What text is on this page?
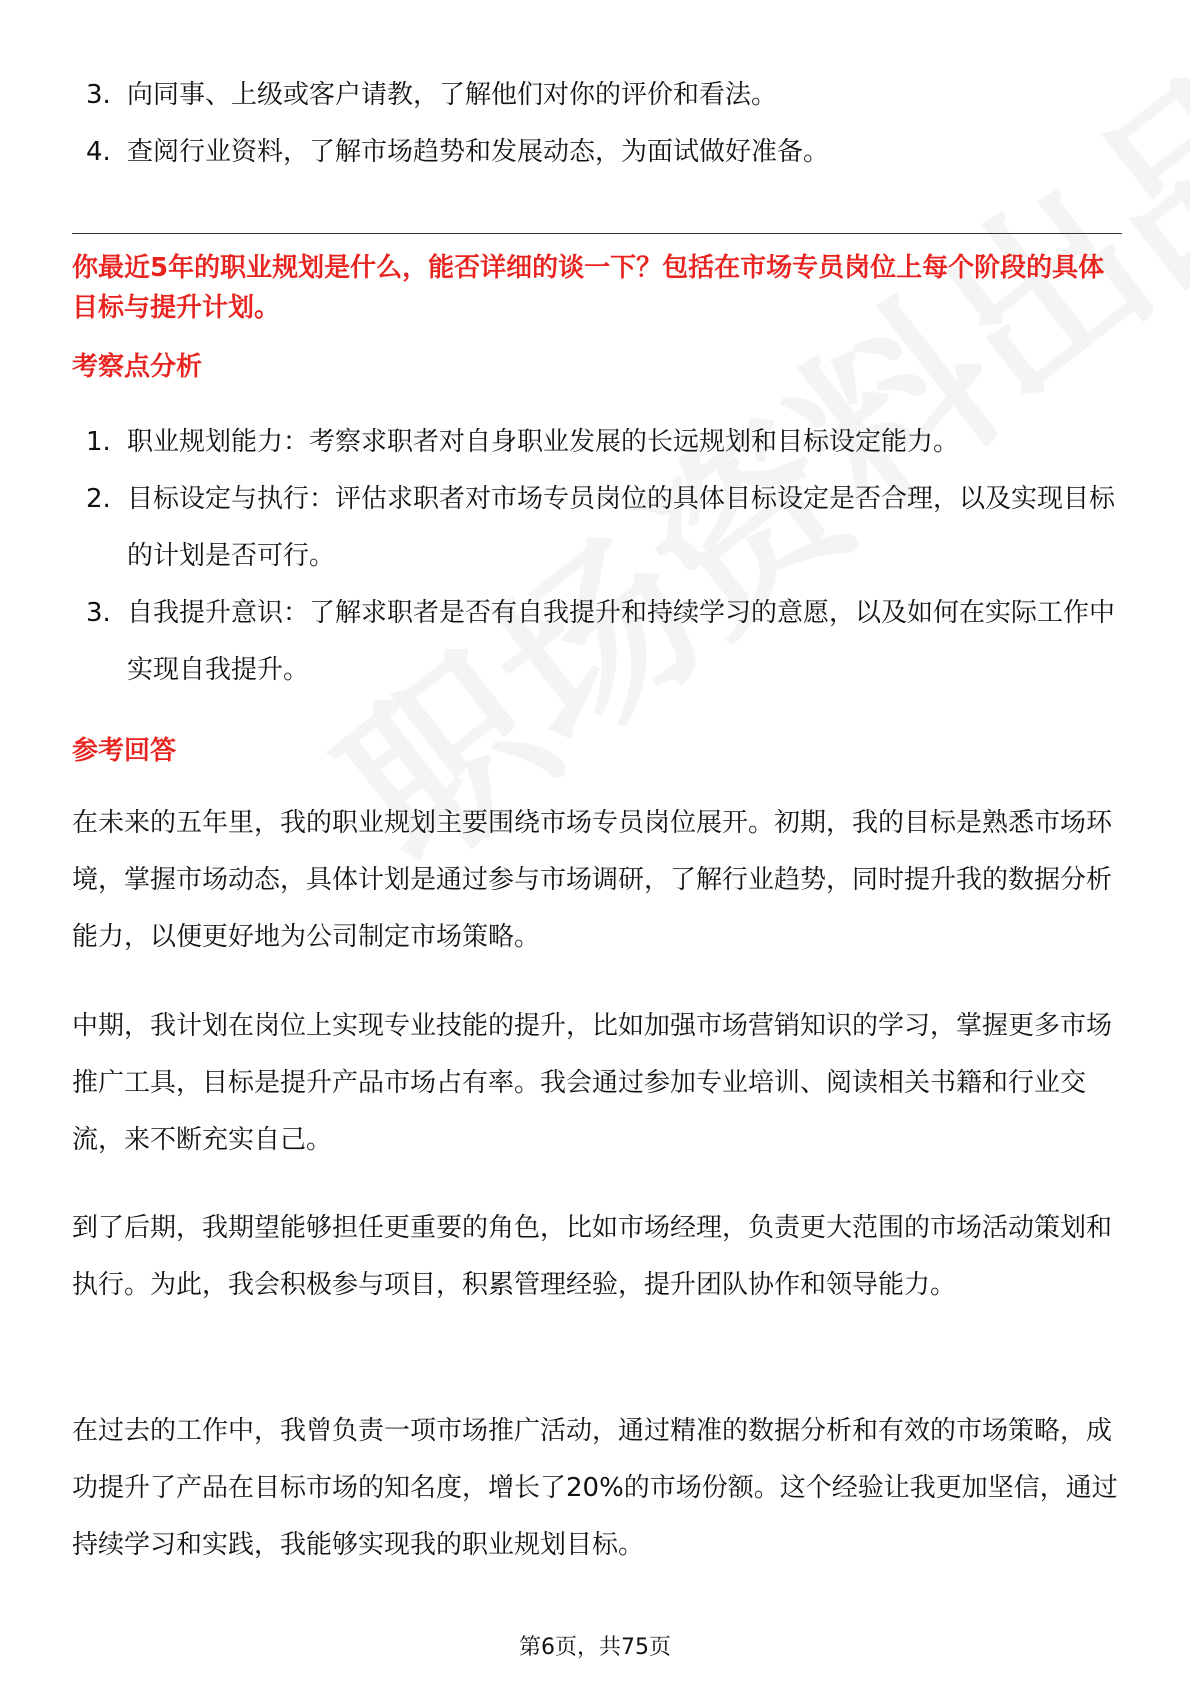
3. 向同事、上级或客户请教，了解他们对你的评价和看法。
4. 查阅行业资料，了解市场趋势和发展动态，为面试做好准备。

你最近5年的职业规划是什么，能否详细的谈一下？包括在市场专员岗位上每个阶段的具体目标与提升计划。

考察点分析
1. 职业规划能力：考察求职者对自身职业发展的长远规划和目标设定能力。
2. 目标设定与执行：评估求职者对市场专员岗位的具体目标设定是否合理，以及实现目标的计划是否可行。
3. 自我提升意识：了解求职者是否有自我提升和持续学习的意愿，以及如何在实际工作中实现自我提升。
参考回答

在未来的五年里，我的职业规划主要围绕市场专员岗位展开。初期，我的目标是熟悉市场环境，掌握市场动态，具体计划是通过参与市场调研，了解行业趋势，同时提升我的数据分析能力，以便更好地为公司制定市场策略。

中期，我计划在岗位上实现专业技能的提升，比如加强市场营销知识的学习，掌握更多市场推广工具，目标是提升产品市场占有率。我会通过参加专业培训、阅读相关书籍和行业交流，来不断充实自己。

到了后期，我期望能够担任更重要的角色，比如市场经理，负责更大范围的市场活动策划和执行。为此，我会积极参与项目，积累管理经验，提升团队协作和领导能力。

在过去的工作中，我曾负责一项市场推广活动，通过精准的数据分析和有效的市场策略，成功提升了产品在目标市场的知名度，增长了20%的市场份额。这个经验让我更加坚信，通过持续学习和实践，我能够实现我的职业规划目标。

第6页，共75页
